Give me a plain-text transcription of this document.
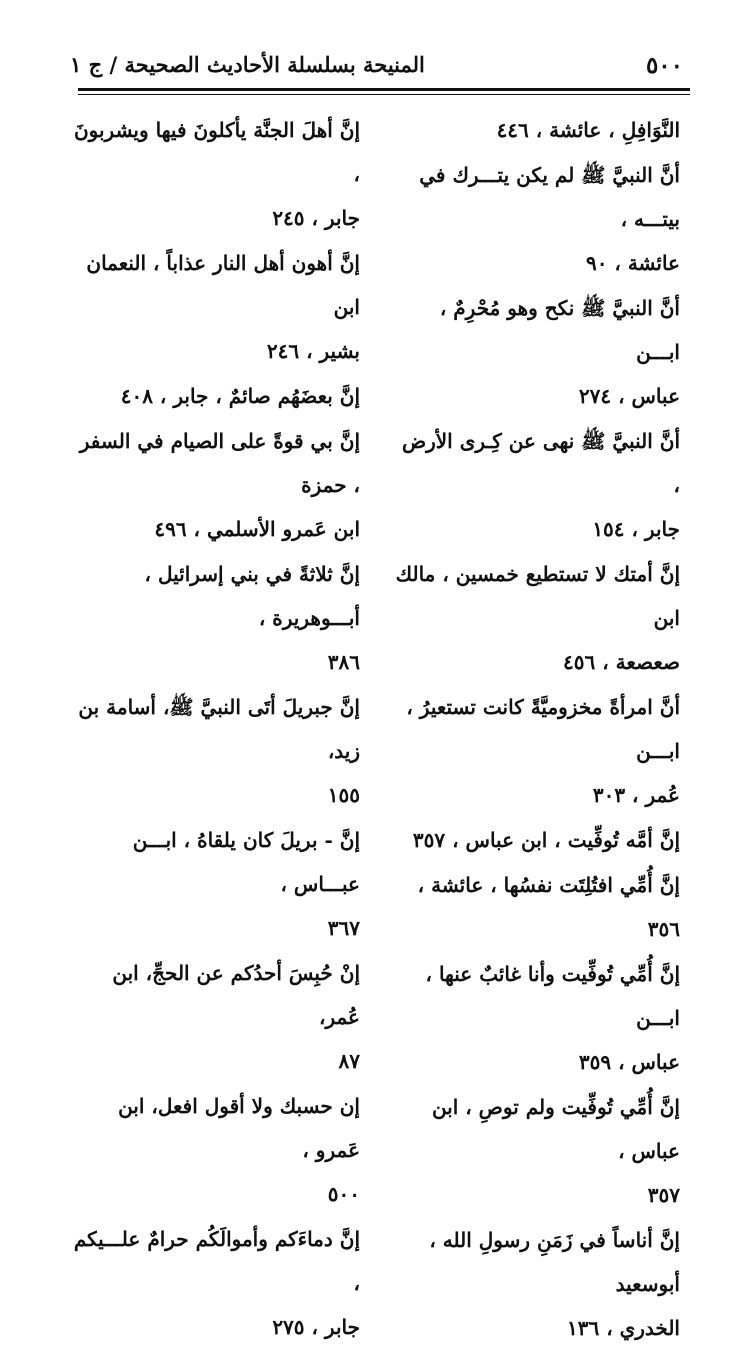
٥٠٠
المنيحة بسلسلة الأحاديث الصحيحة / ج ١
النَّوَافِلِ ، عائشة ، ٤٤٦
أنَّ النبيَّ ﷺ لم يكن يتـــرك في بيتـــه ،
عائشة ، ٩٠
أنَّ النبيَّ ﷺ نكح وهو مُحْرِمٌ ، ابـــن
عباس ، ٢٧٤
أنَّ النبيَّ ﷺ نهى عن كِـرى الأرض ،
جابر ، ١٥٤
إنَّ أمتك لا تستطيع خمسين ، مالك ابن
صعصعة ، ٤٥٦
أنَّ امرأةً مخزوميَّةً كانت تستعيرُ ، ابـــن
عُمر ، ٣٠٣
إنَّ أمَّه تُوفِّيت ، ابن عباس ، ٣٥٧
إنَّ أُمِّي افتُلِتَت نفسُها ، عائشة ، ٣٥٦
إنَّ أُمِّي تُوفِّيت وأنا غائبٌ عنها ، ابـــن
عباس ، ٣٥٩
إنَّ أُمِّي تُوفِّيت ولم توصِ ، ابن عباس ،
٣٥٧
إنَّ أناساً في زَمَنِ رسولِ الله ، أبوسعيد
الخدري ، ١٣٦
إنَّ أهلَ الجنَّة يأكلونَ فيها ويشربونَ ،
جابر ، ٢٤٥
إنَّ أهون أهل النار عذاباً ، النعمان ابن
بشير ، ٢٤٦
إنَّ بعضَهُم صائمٌ ، جابر ، ٤٠٨
إنَّ بي قوةً على الصيام في السفر ، حمزة
ابن عَمرو الأسلمي ، ٤٩٦
إنَّ ثلاثةً في بني إسرائيل ، أبـــوهريرة ،
٣٨٦
إنَّ جبريلَ أتَى النبيَّ ﷺ، أسامة بن زيد،
١٥٥
إنَّ - بريلَ كان يلقاهُ ، ابـــن عبـــاس ،
٣٦٧
إنْ حُبِسَ أحدُكم عن الحجِّ، ابن عُمر،
٨٧
إن حسبك ولا أقول افعل، ابن عَمرو ،
٥٠٠
إنَّ دماءَكم وأموالَكُم حرامٌ علـــيكم ،
جابر ، ٢٧٥
